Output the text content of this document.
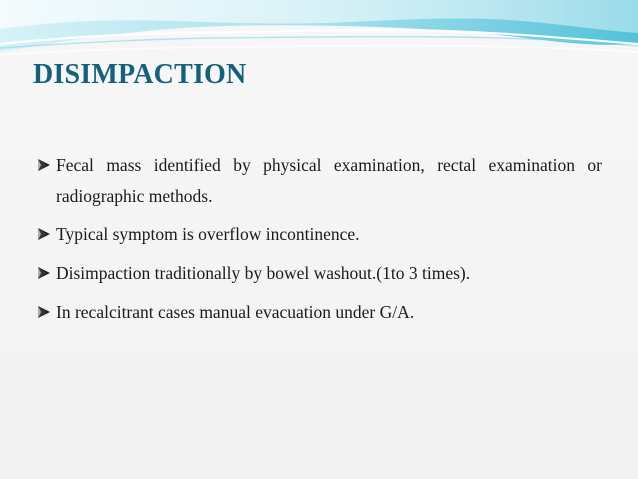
DISIMPACTION
Fecal mass identified by physical examination, rectal examination or radiographic methods.
Typical symptom is overflow incontinence.
Disimpaction traditionally by bowel washout.(1to 3 times).
In recalcitrant cases manual evacuation under G/A.
